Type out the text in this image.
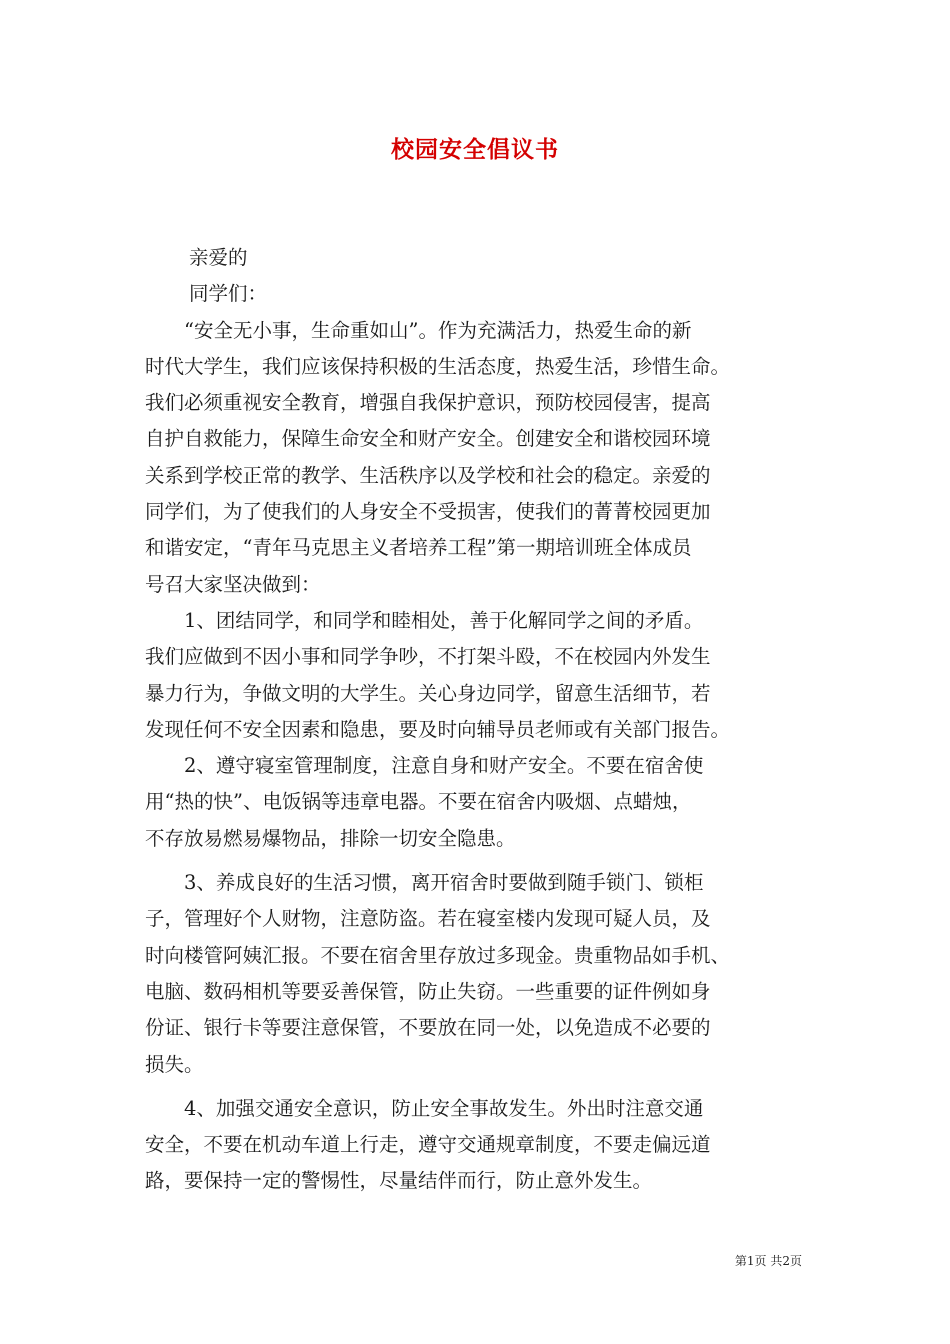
校园安全倡议书
亲爱的
同学们：
　　“安全无小事，生命重如山”。作为充满活力，热爱生命的新
时代大学生，我们应该保持积极的生活态度，热爱生活，珍惜生命。
我们必须重视安全教育，增强自我保护意识，预防校园侵害，提高
自护自救能力，保障生命安全和财产安全。创建安全和谐校园环境
关系到学校正常的教学、生活秩序以及学校和社会的稳定。亲爱的
同学们，为了使我们的人身安全不受损害，使我们的菁菁校园更加
和谐安定，“青年马克思主义者培养工程”第一期培训班全体成员
号召大家坚决做到：
　　1、团结同学，和同学和睦相处，善于化解同学之间的矛盾。
我们应做到不因小事和同学争吵，不打架斗殴，不在校园内外发生
暴力行为，争做文明的大学生。关心身边同学，留意生活细节，若
发现任何不安全因素和隐患，要及时向辅导员老师或有关部门报告。
　　2、遵守寝室管理制度，注意自身和财产安全。不要在宿舍使
用“热的快”、电饭锅等违章电器。不要在宿舍内吸烟、点蜡烛，
不存放易燃易爆物品，排除一切安全隐患。
　　3、养成良好的生活习惯，离开宿舍时要做到随手锁门、锁柜
子，管理好个人财物，注意防盗。若在寝室楼内发现可疑人员，及
时向楼管阿姨汇报。不要在宿舍里存放过多现金。贵重物品如手机、
电脑、数码相机等要妥善保管，防止失窃。一些重要的证件例如身
份证、银行卡等要注意保管，不要放在同一处，以免造成不必要的
损失。
　　4、加强交通安全意识，防止安全事故发生。外出时注意交通
安全，不要在机动车道上行走，遵守交通规章制度，不要走偏远道
路，要保持一定的警惕性，尽量结伴而行，防止意外发生。
第1页 共2页
